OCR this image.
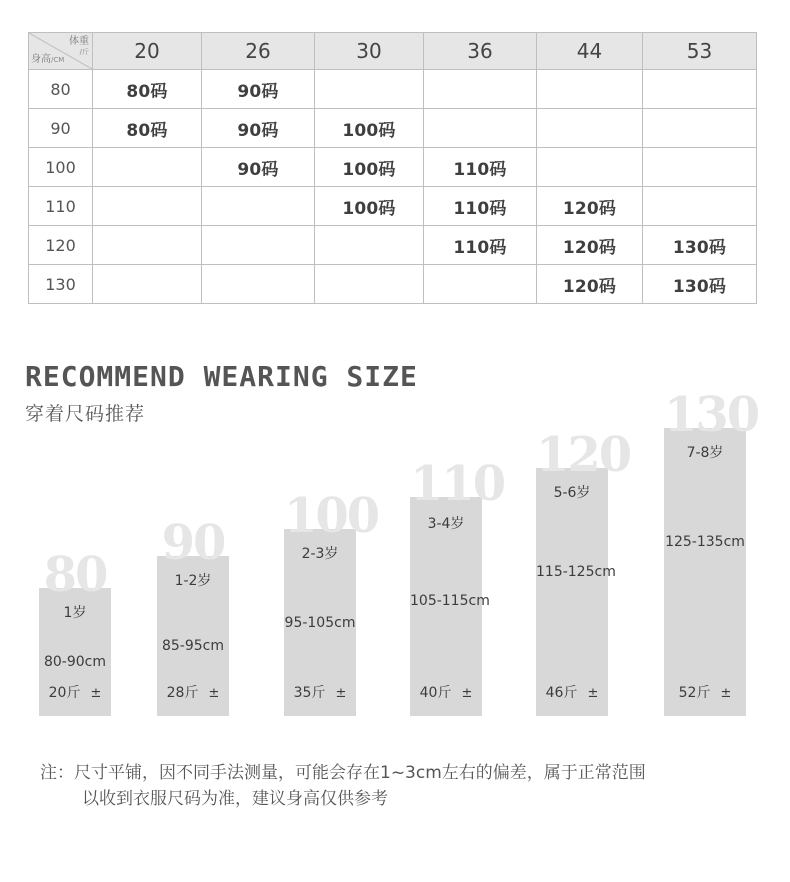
体重
/斤
身高/CM	20	26	30	36	44	53
80	80码	90码				
90	80码	90码	100码			
100		90码	100码	110码		
110			100码	110码	120码	
120				110码	120码	130码
130					120码	130码
RECOMMEND WEARING SIZE
穿着尺码推荐
80
1岁
80-90cm
20斤 ±
90
1-2岁
85-95cm
28斤 ±
100
2-3岁
95-105cm
35斤 ±
110
3-4岁
105-115cm
40斤 ±
120
5-6岁
115-125cm
46斤 ±
130
7-8岁
125-135cm
52斤 ±
注：尺寸平铺，因不同手法测量，可能会存在1~3cm左右的偏差，属于正常范围
以收到衣服尺码为准，建议身高仅供参考
